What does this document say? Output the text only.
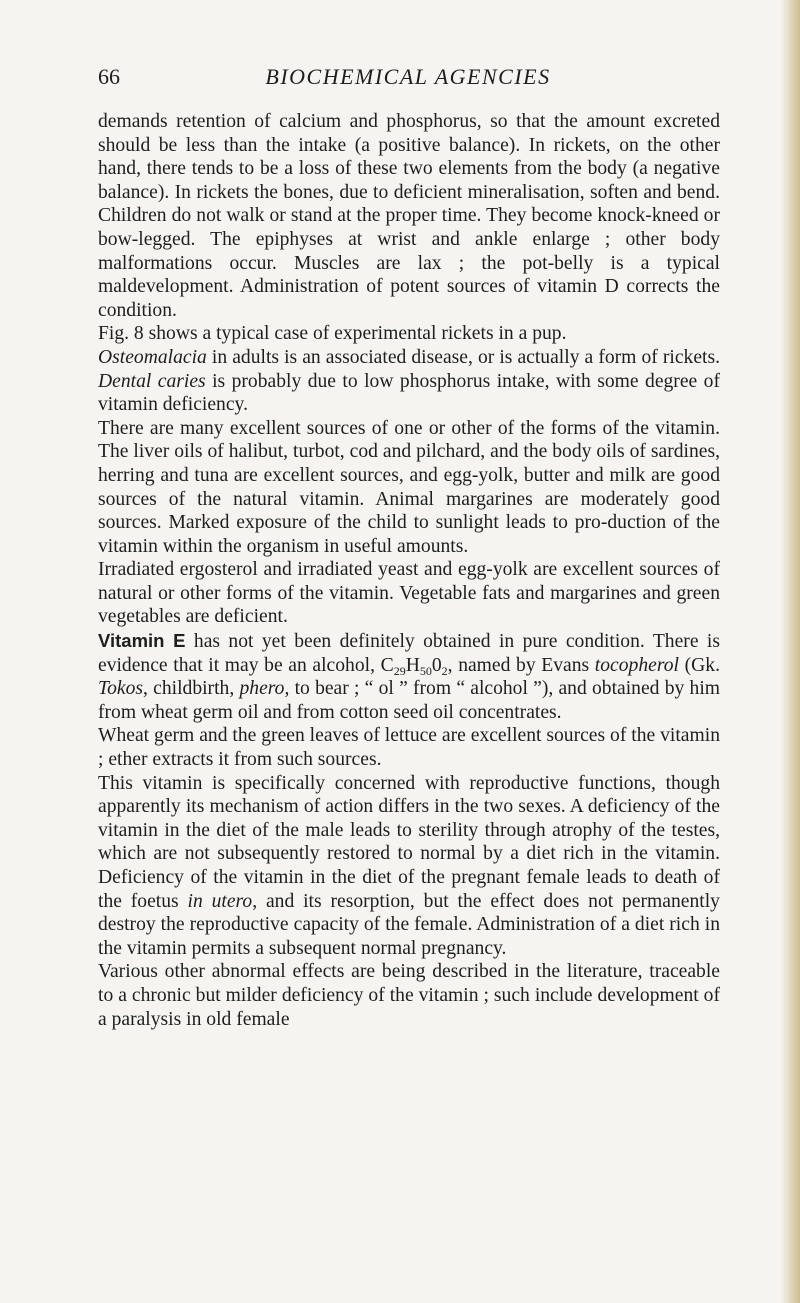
66	BIOCHEMICAL AGENCIES

demands retention of calcium and phosphorus, so that the amount excreted should be less than the intake (a positive balance). In rickets, on the other hand, there tends to be a loss of these two elements from the body (a negative balance). In rickets the bones, due to deficient mineralisation, soften and bend. Children do not walk or stand at the proper time. They become knock-kneed or bow-legged. The epiphyses at wrist and ankle enlarge ; other body malformations occur. Muscles are lax ; the pot-belly is a typical maldevelopment. Administration of potent sources of vitamin D corrects the condition.

Fig. 8 shows a typical case of experimental rickets in a pup.

Osteomalacia in adults is an associated disease, or is actually a form of rickets. Dental caries is probably due to low phosphorus intake, with some degree of vitamin deficiency.

There are many excellent sources of one or other of the forms of the vitamin. The liver oils of halibut, turbot, cod and pilchard, and the body oils of sardines, herring and tuna are excellent sources, and egg-yolk, butter and milk are good sources of the natural vitamin. Animal margarines are moderately good sources. Marked exposure of the child to sunlight leads to pro-duction of the vitamin within the organism in useful amounts.

Irradiated ergosterol and irradiated yeast and egg-yolk are excellent sources of natural or other forms of the vitamin. Vegetable fats and margarines and green vegetables are deficient.

Vitamin E has not yet been definitely obtained in pure condition. There is evidence that it may be an alcohol, $C_{29}H_{50}0_2$, named by Evans tocopherol (Gk. Tokos, childbirth, phero, to bear ; “ ol ” from “ alcohol ”), and obtained by him from wheat germ oil and from cotton seed oil concentrates.

Wheat germ and the green leaves of lettuce are excellent sources of the vitamin ; ether extracts it from such sources.

This vitamin is specifically concerned with reproductive functions, though apparently its mechanism of action differs in the two sexes. A deficiency of the vitamin in the diet of the male leads to sterility through atrophy of the testes, which are not subsequently restored to normal by a diet rich in the vitamin. Deficiency of the vitamin in the diet of the pregnant female leads to death of the foetus in utero, and its resorption, but the effect does not permanently destroy the reproductive capacity of the female. Administration of a diet rich in the vitamin permits a subsequent normal pregnancy.

Various other abnormal effects are being described in the literature, traceable to a chronic but milder deficiency of the vitamin ; such include development of a paralysis in old female
